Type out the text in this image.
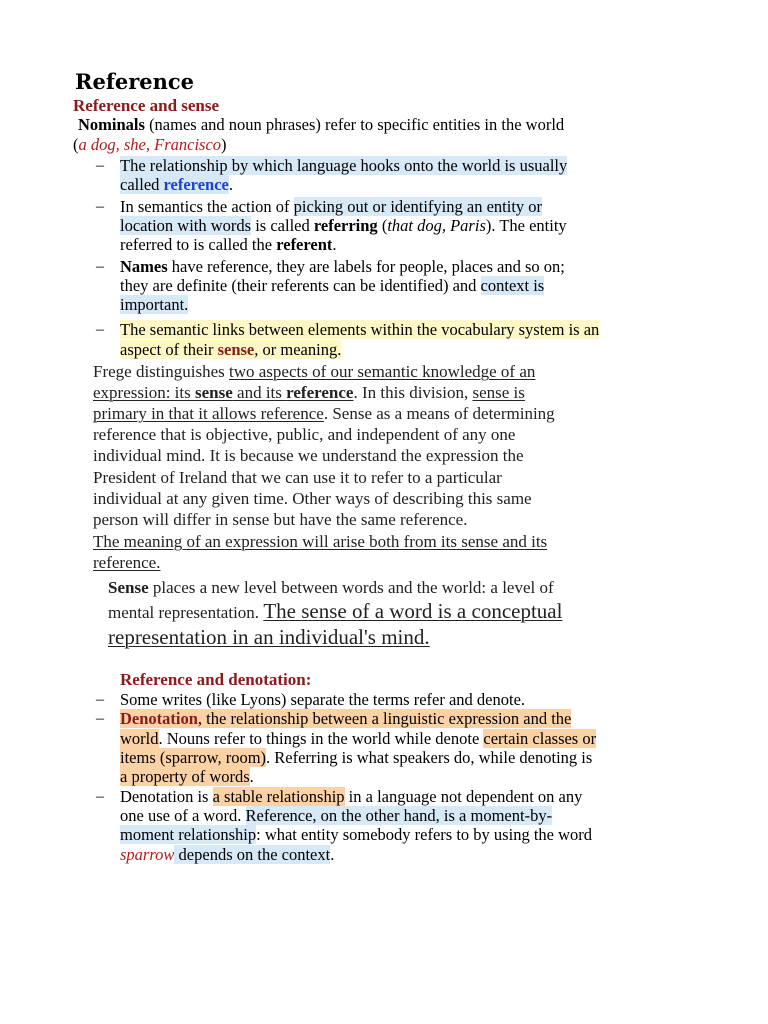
Reference
Reference and sense
Nominals (names and noun phrases) refer to specific entities in the world
(a dog, she, Francisco)
– The relationship by which language hooks onto the world is usually
called reference.
– In semantics the action of picking out or identifying an entity or
location with words is called referring (that dog, Paris). The entity
referred to is called the referent.
– Names have reference, they are labels for people, places and so on;
they are definite (their referents can be identified) and context is
important.
– The semantic links between elements within the vocabulary system is an
aspect of their sense, or meaning.
Frege distinguishes two aspects of our semantic knowledge of an
expression: its sense and its reference. In this division, sense is
primary in that it allows reference. Sense as a means of determining
reference that is objective, public, and independent of any one
individual mind. It is because we understand the expression the
President of Ireland that we can use it to refer to a particular
individual at any given time. Other ways of describing this same
person will differ in sense but have the same reference.
The meaning of an expression will arise both from its sense and its
reference.
Sense places a new level between words and the world: a level of
mental representation. The sense of a word is a conceptual
representation in an individual's mind.
Reference and denotation:
– Some writes (like Lyons) separate the terms refer and denote.
– Denotation, the relationship between a linguistic expression and the
world. Nouns refer to things in the world while denote certain classes or
items (sparrow, room). Referring is what speakers do, while denoting is
a property of words.
– Denotation is a stable relationship in a language not dependent on any
one use of a word. Reference, on the other hand, is a moment-by-
moment relationship: what entity somebody refers to by using the word
sparrow depends on the context.
